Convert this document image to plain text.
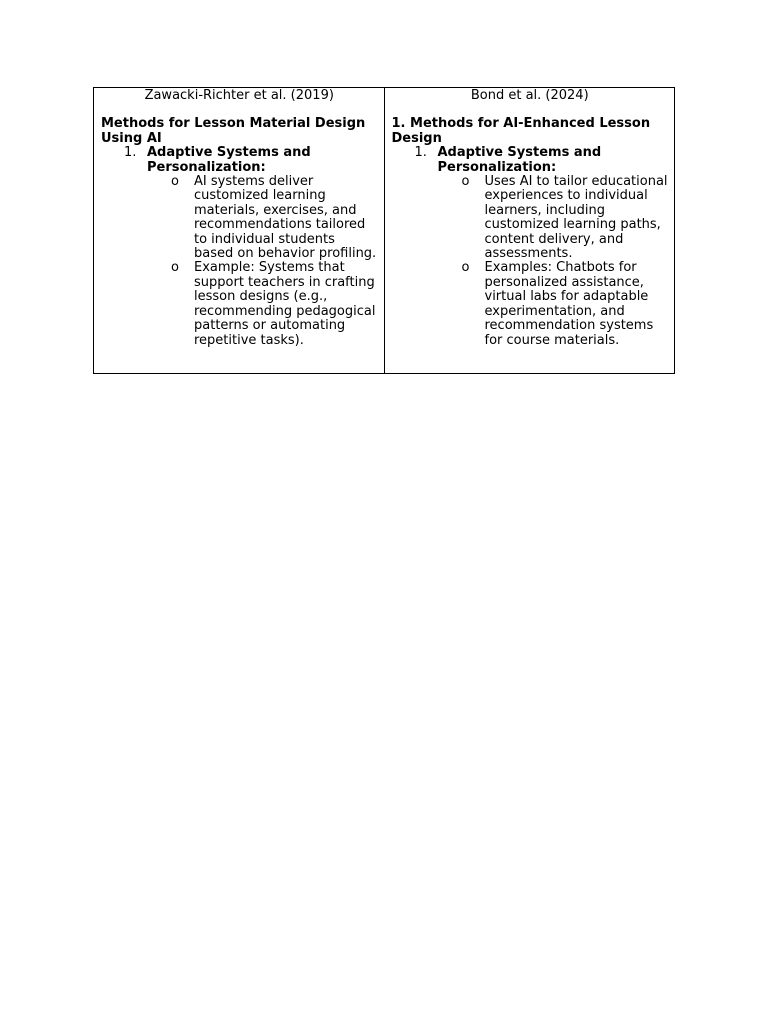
Zawacki-Richter et al. (2019)

Methods for Lesson Material Design Using AI

1. Adaptive Systems and Personalization:
o AI systems deliver customized learning materials, exercises, and recommendations tailored to individual students based on behavior profiling.
o Example: Systems that support teachers in crafting lesson designs (e.g., recommending pedagogical patterns or automating repetitive tasks).

Bond et al. (2024)

1. Methods for AI-Enhanced Lesson Design

1. Adaptive Systems and Personalization:
o Uses AI to tailor educational experiences to individual learners, including customized learning paths, content delivery, and assessments.
o Examples: Chatbots for personalized assistance, virtual labs for adaptable experimentation, and recommendation systems for course materials.
